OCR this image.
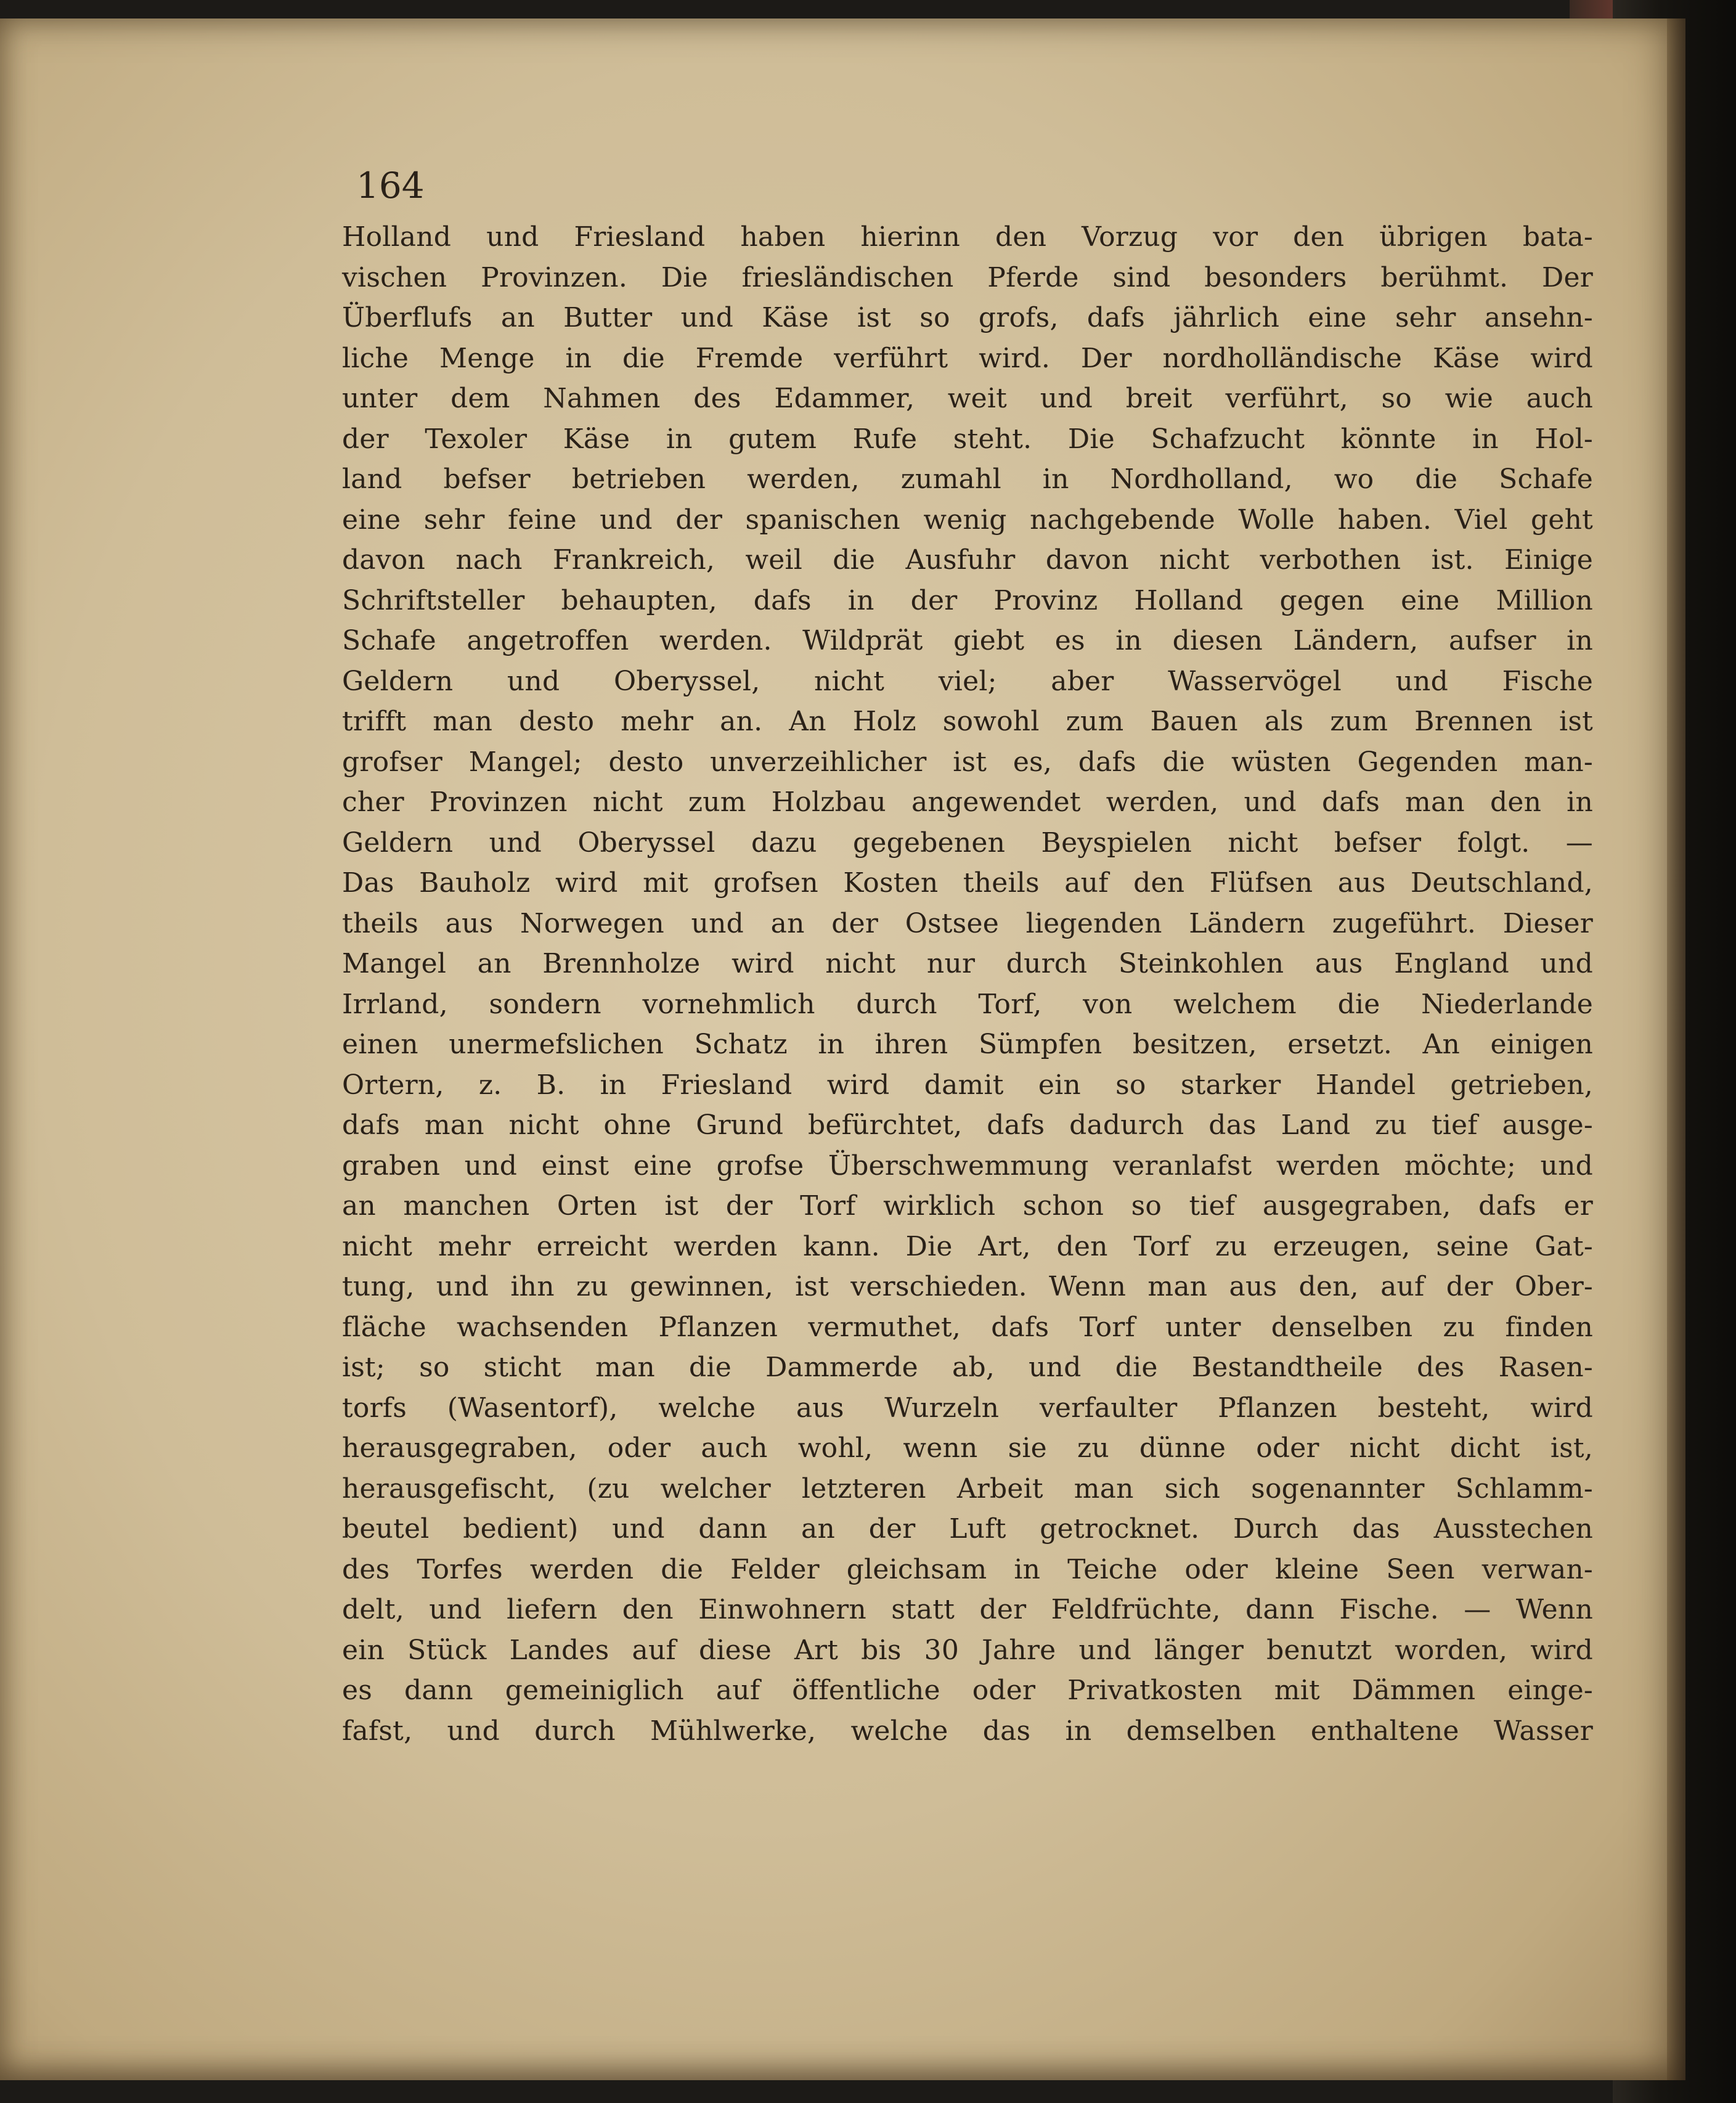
164

Holland und Friesland haben hierinn den Vorzug vor den übrigen bata-

vischen Provinzen. Die friesländischen Pferde sind besonders berühmt. Der

Überflufs an Butter und Käse ist so grofs, dafs jährlich eine sehr ansehn-

liche Menge in die Fremde verführt wird. Der nordholländische Käse wird

unter dem Nahmen des Edammer, weit und breit verführt, so wie auch

der Texoler Käse in gutem Rufe steht. Die Schafzucht könnte in Hol-

land befser betrieben werden, zumahl in Nordholland, wo die Schafe

eine sehr feine und der spanischen wenig nachgebende Wolle haben. Viel geht

davon nach Frankreich, weil die Ausfuhr davon nicht verbothen ist. Einige

Schriftsteller behaupten, dafs in der Provinz Holland gegen eine Million

Schafe angetroffen werden. Wildprät giebt es in diesen Ländern, aufser in

Geldern und Oberyssel, nicht viel; aber Wasservögel und Fische

trifft man desto mehr an. An Holz sowohl zum Bauen als zum Brennen ist

grofser Mangel; desto unverzeihlicher ist es, dafs die wüsten Gegenden man-

cher Provinzen nicht zum Holzbau angewendet werden, und dafs man den in

Geldern und Oberyssel dazu gegebenen Beyspielen nicht befser folgt. —

Das Bauholz wird mit grofsen Kosten theils auf den Flüfsen aus Deutschland,

theils aus Norwegen und an der Ostsee liegenden Ländern zugeführt. Dieser

Mangel an Brennholze wird nicht nur durch Steinkohlen aus England und

Irrland, sondern vornehmlich durch Torf, von welchem die Niederlande

einen unermefslichen Schatz in ihren Sümpfen besitzen, ersetzt. An einigen

Ortern, z. B. in Friesland wird damit ein so starker Handel getrieben,

dafs man nicht ohne Grund befürchtet, dafs dadurch das Land zu tief ausge-

graben und einst eine grofse Überschwemmung veranlafst werden möchte; und

an manchen Orten ist der Torf wirklich schon so tief ausgegraben, dafs er

nicht mehr erreicht werden kann. Die Art, den Torf zu erzeugen, seine Gat-

tung, und ihn zu gewinnen, ist verschieden. Wenn man aus den, auf der Ober-

fläche wachsenden Pflanzen vermuthet, dafs Torf unter denselben zu finden

ist; so sticht man die Dammerde ab, und die Bestandtheile des Rasen-

torfs (Wasentorf), welche aus Wurzeln verfaulter Pflanzen besteht, wird

herausgegraben, oder auch wohl, wenn sie zu dünne oder nicht dicht ist,

herausgefischt, (zu welcher letzteren Arbeit man sich sogenannter Schlamm-

beutel bedient) und dann an der Luft getrocknet. Durch das Ausstechen

des Torfes werden die Felder gleichsam in Teiche oder kleine Seen verwan-

delt, und liefern den Einwohnern statt der Feldfrüchte, dann Fische. — Wenn

ein Stück Landes auf diese Art bis 30 Jahre und länger benutzt worden, wird

es dann gemeiniglich auf öffentliche oder Privatkosten mit Dämmen einge-

fafst, und durch Mühlwerke, welche das in demselben enthaltene Wasser
